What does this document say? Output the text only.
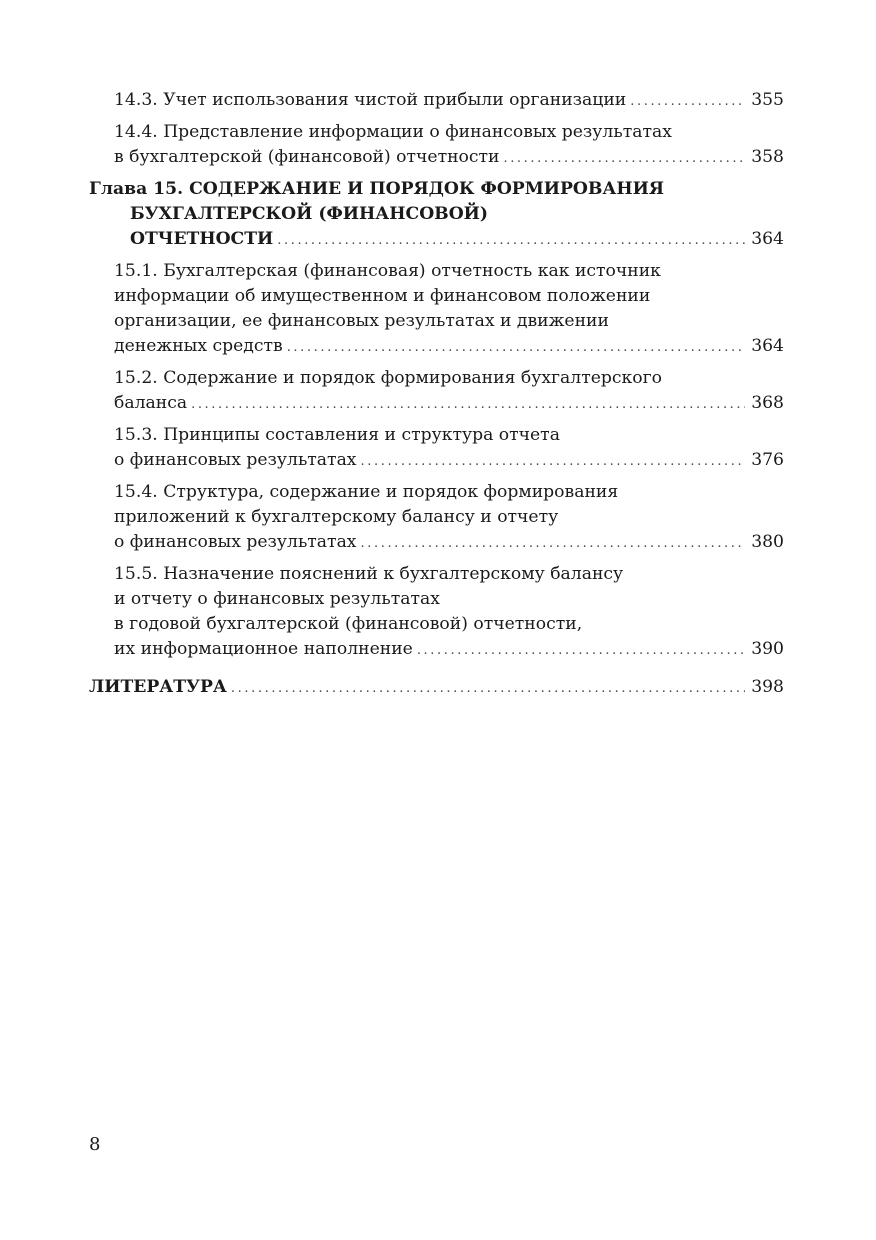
14.3. Учет использования чистой прибыли организации .....	355
14.4. Представление информации о финансовых результатах
в бухгалтерской (финансовой) отчетности .....	358
Глава 15. СОДЕРЖАНИЕ И ПОРЯДОК ФОРМИРОВАНИЯ
БУХГАЛТЕРСКОЙ (ФИНАНСОВОЙ)
ОТЧЕТНОСТИ .....	364
15.1. Бухгалтерская (финансовая) отчетность как источник
информации об имущественном и финансовом положении
организации, ее финансовых результатах и движении
денежных средств .....	364
15.2. Содержание и порядок формирования бухгалтерского
баланса .....	368
15.3. Принципы составления и структура отчета
о финансовых результатах .....	376
15.4. Структура, содержание и порядок формирования
приложений к бухгалтерскому балансу и отчету
о финансовых результатах .....	380
15.5. Назначение пояснений к бухгалтерскому балансу
и отчету о финансовых результатах
в годовой бухгалтерской (финансовой) отчетности,
их информационное наполнение .....	390
ЛИТЕРАТУРА .....	398
8
